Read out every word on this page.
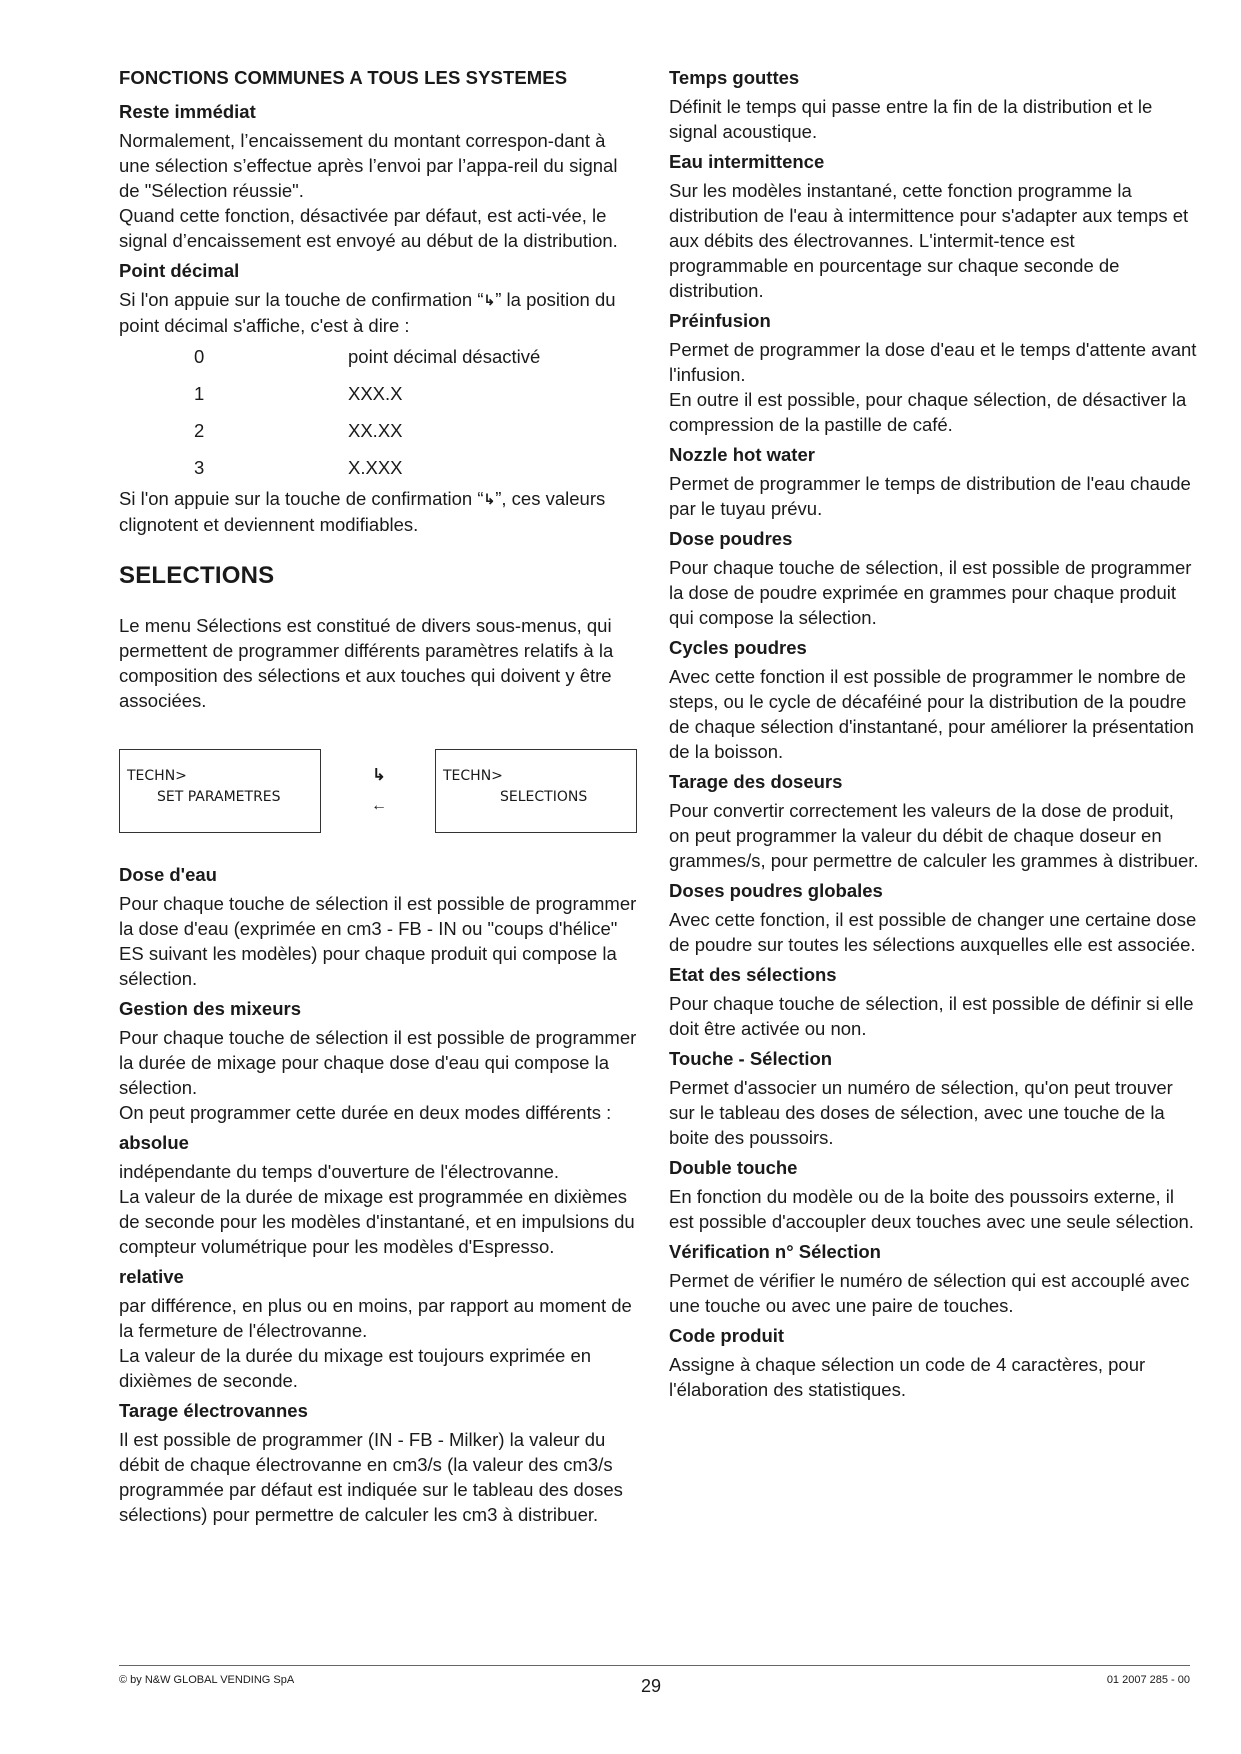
FONCTIONS COMMUNES A TOUS LES SYSTEMES
Reste immédiat

Normalement, l’encaissement du montant correspon-dant à une sélection s’effectue après l’envoi par l’appa-reil du signal de "Sélection réussie".

Quand cette fonction, désactivée par défaut, est acti-vée, le signal d’encaissement est envoyé au début de la distribution.

Point décimal

Si l'on appuie sur la touche de confirmation “↳” la position du point décimal s'affiche, c'est à dire :

0	point décimal désactivé
1	XXX.X
2	XX.XX
3	X.XXX

Si l'on appuie sur la touche de confirmation “↳”, ces valeurs clignotent et deviennent modifiables.

SELECTIONS

Le menu Sélections est constitué de divers sous-menus, qui permettent de programmer différents paramètres relatifs à la composition des sélections et aux touches qui doivent y être associées.

TECHN>
SET PARAMETRES
↳
←
TECHN>
SELECTIONS
Dose d'eau

Pour chaque touche de sélection il est possible de programmer la dose d'eau (exprimée en cm3 - FB - IN ou "coups d'hélice" ES suivant les modèles) pour chaque produit qui compose la sélection.

Gestion des mixeurs

Pour chaque touche de sélection il est possible de programmer la durée de mixage pour chaque dose d'eau qui compose la sélection.

On peut programmer cette durée en deux modes différents :

absolue

indépendante du temps d'ouverture de l'électrovanne.

La valeur de la durée de mixage est programmée en dixièmes de seconde pour les modèles d'instantané, et en impulsions du compteur volumétrique pour les modèles d'Espresso.

relative

par différence, en plus ou en moins, par rapport au moment de la fermeture de l'électrovanne.

La valeur de la durée du mixage est toujours exprimée en dixièmes de seconde.

Tarage électrovannes

Il est possible de programmer (IN - FB - Milker) la valeur du débit de chaque électrovanne en cm3/s (la valeur des cm3/s programmée par défaut est indiquée sur le tableau des doses sélections) pour permettre de calculer les cm3 à distribuer.

Temps gouttes

Définit le temps qui passe entre la fin de la distribution et le signal acoustique.

Eau intermittence

Sur les modèles instantané, cette fonction programme la distribution de l'eau à intermittence pour s'adapter aux temps et aux débits des électrovannes. L'intermit-tence est programmable en pourcentage sur chaque seconde de distribution.

Préinfusion

Permet de programmer la dose d'eau et le temps d'attente avant l'infusion.

En outre il est possible, pour chaque sélection, de désactiver la compression de la pastille de café.

Nozzle hot water

Permet de programmer le temps de distribution de l'eau chaude par le tuyau prévu.

Dose poudres

Pour chaque touche de sélection, il est possible de programmer la dose de poudre exprimée en grammes pour chaque produit qui compose la sélection.

Cycles poudres

Avec cette fonction il est possible de programmer le nombre de steps, ou le cycle de décaféiné pour la distribution de la poudre de chaque sélection d'instantané, pour améliorer la présentation de la boisson.

Tarage des doseurs

Pour convertir correctement les valeurs de la dose de produit, on peut programmer la valeur du débit de chaque doseur en grammes/s, pour permettre de calculer les grammes à distribuer.

Doses poudres globales

Avec cette fonction, il est possible de changer une certaine dose de poudre sur toutes les sélections auxquelles elle est associée.

Etat des sélections

Pour chaque touche de sélection, il est possible de définir si elle doit être activée ou non.

Touche - Sélection

Permet d'associer un numéro de sélection, qu'on peut trouver sur le tableau des doses de sélection, avec une touche de la boite des poussoirs.

Double touche

En fonction du modèle ou de la boite des poussoirs externe, il est possible d'accoupler deux touches avec une seule sélection.

Vérification n° Sélection

Permet de vérifier le numéro de sélection qui est accouplé avec une touche ou avec une paire de touches.

Code produit

Assigne à chaque sélection un code de 4 caractères, pour l'élaboration des statistiques.

© by N&W GLOBAL VENDING SpA	29	01 2007 285 - 00
